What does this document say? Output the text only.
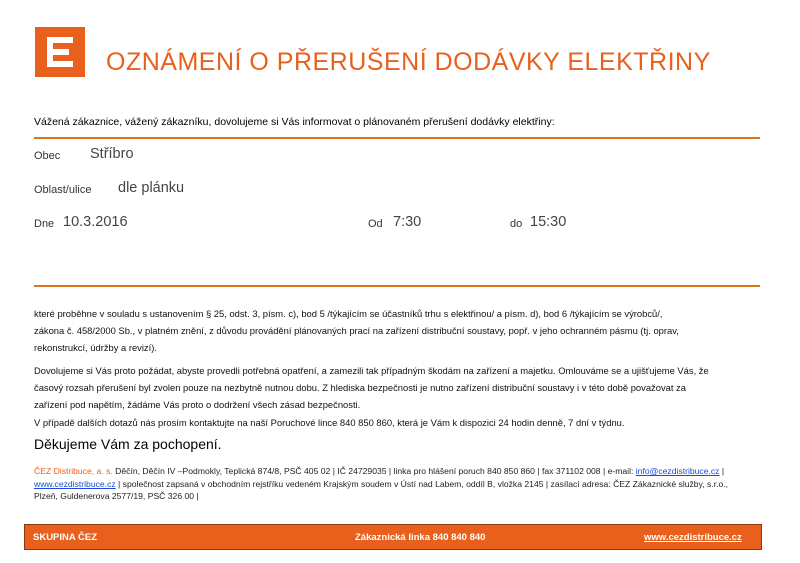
OZNÁMENÍ O PŘERUŠENÍ DODÁVKY ELEKTŘINY
Vážená zákaznice, vážený zákazníku, dovolujeme si Vás informovat o plánovaném přerušení dodávky elektřiny:
Obec Stříbro
Oblast/ulice dle plánku
Dne 10.3.2016	Od 7:30	do 15:30
které proběhne v souladu s ustanovením § 25, odst. 3, písm. c), bod 5 /týkajícím se účastníků trhu s elektřinou/ a písm. d), bod 6 /týkajícím se výrobců/,
zákona č. 458/2000 Sb., v platném znění, z důvodu provádění plánovaných prací na zařízení distribuční soustavy, popř. v jeho ochranném pásmu (tj. oprav,
rekonstrukcí, údržby a revizí).
Dovolujeme si Vás proto požádat, abyste provedli potřebná opatření, a zamezili tak případným škodám na zařízení a majetku. Omlouváme se a ujišťujeme Vás, že
časový rozsah přerušení byl zvolen pouze na nezbytně nutnou dobu. Z hlediska bezpečnosti je nutno zařízení distribuční soustavy i v této době považovat za
zařízení pod napětím, žádáme Vás proto o dodržení všech zásad bezpečnosti.
V případě dalších dotazů nás prosím kontaktujte na naší Poruchové lince 840 850 860, která je Vám k dispozici 24 hodin denně, 7 dní v týdnu.
Děkujeme Vám za pochopení.
ČEZ Distribuce, a. s. Děčín, Děčín IV –Podmokly, Teplická 874/8, PSČ 405 02 | IČ 24729035 | linka pro hlášení poruch 840 850 860 | fax 371102 008 | e-mail: info@cezdistribuce.cz |
www.cezdistribuce.cz | společnost zapsaná v obchodním rejstříku vedeném Krajským soudem v Ústí nad Labem, oddíl B, vložka 2145 | zasílací adresa: ČEZ Zákaznické služby, s.r.o.,
Plzeň, Guldenerova 2577/19, PSČ 326 00 |
SKUPINA ČEZ	Zákaznická linka 840 840 840	www.cezdistribuce.cz
